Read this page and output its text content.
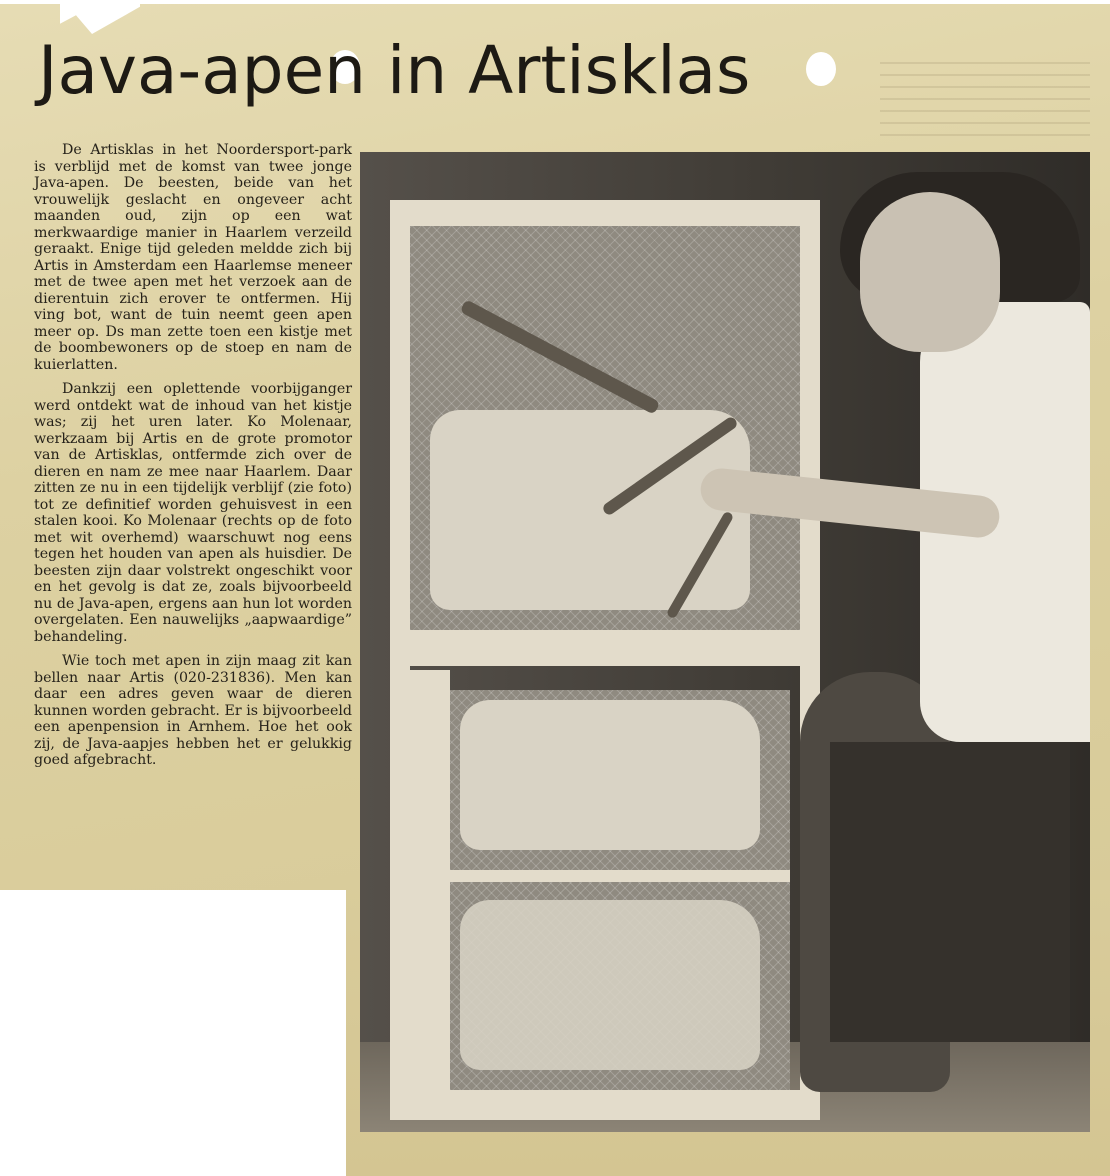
Java-apen in Artisklas

De Artisklas in het Noordersport-park is verblijd met de komst van twee jonge Java-apen. De beesten, beide van het vrouwelijk geslacht en ongeveer acht maanden oud, zijn op een wat merkwaardige manier in Haarlem verzeild geraakt. Enige tijd geleden meldde zich bij Artis in Amsterdam een Haarlemse meneer met de twee apen met het verzoek aan de dierentuin zich erover te ontfermen. Hij ving bot, want de tuin neemt geen apen meer op. Ds man zette toen een kistje met de boombewoners op de stoep en nam de kuierlatten.

Dankzij een oplettende voorbijganger werd ontdekt wat de inhoud van het kistje was; zij het uren later. Ko Molenaar, werkzaam bij Artis en de grote promotor van de Artisklas, ontfermde zich over de dieren en nam ze mee naar Haarlem. Daar zitten ze nu in een tijdelijk verblijf (zie foto) tot ze definitief worden gehuisvest in een stalen kooi. Ko Molenaar (rechts op de foto met wit overhemd) waarschuwt nog eens tegen het houden van apen als huisdier. De beesten zijn daar volstrekt ongeschikt voor en het gevolg is dat ze, zoals bijvoorbeeld nu de Java-apen, ergens aan hun lot worden overgelaten. Een nauwelijks „aapwaardige” behandeling.

Wie toch met apen in zijn maag zit kan bellen naar Artis (020-231836). Men kan daar een adres geven waar de dieren kunnen worden gebracht. Er is bijvoorbeeld een apenpension in Arnhem. Hoe het ook zij, de Java-aapjes hebben het er gelukkig goed afgebracht.
